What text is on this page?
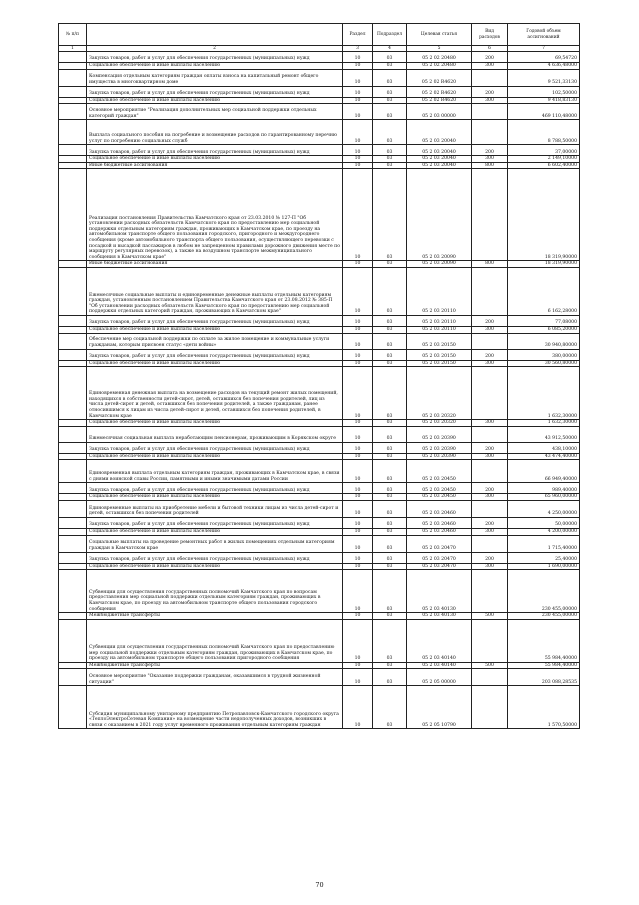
№ п/п		Раздел	Подраздел	Целевая статья	Вид расходов	Годовой объем ассигнований
1	2	3	4	5	6	7
	Закупка товаров, работ и услуг для обеспечения государственных (муниципальных) нужд	10	03	05 2 02 20480	200	69,54720
	Социальное обеспечение и иные выплаты населению	10	03	05 2 02 20480	300	4 636,48000
	Компенсация отдельным категориям граждан оплаты взноса на капитальный ремонт общего имущества в многоквартирном доме	10	03	05 2 02 R4620		9 521,33130
	Закупка товаров, работ и услуг для обеспечения государственных (муниципальных) нужд	10	03	05 2 02 R4620	200	102,50000
	Социальное обеспечение и иные выплаты населению	10	03	05 2 02 R4620	300	9 418,83130
	Основное мероприятие "Реализация дополнительных мер социальной поддержки отдельных категорий граждан"	10	03	05 2 03 00000		469 110,48000
	Выплата социального пособия на погребение и возмещение расходов по гарантированному перечню услуг по погребению социальных служб	10	03	05 2 03 20040		8 788,50000
	Закупка товаров, работ и услуг для обеспечения государственных (муниципальных) нужд	10	03	05 2 03 20040	200	37,00000
	Социальное обеспечение и иные выплаты населению	10	03	05 2 03 20040	300	2 149,10000
	Иные бюджетные ассигнования	10	03	05 2 03 20040	800	6 602,40000
	Реализация постановления Правительства Камчатского края от 23.03.2010 № 127-П "Об установлении расходных обязательств Камчатского края по предоставлению мер социальной поддержки отдельным категориям граждан, проживающих в Камчатском крае, по проезду на автомобильном транспорте общего пользования городского, пригородного и междугороднего сообщения (кроме автомобильного транспорта общего пользования, осуществляющего перевозки с посадкой и высадкой пассажиров в любом не запрещенном правилами дорожного движения месте по маршруту регулярных перевозок), а также на воздушном транспорте межмуниципального сообщения в Камчатском крае"	10	03	05 2 03 20090		18 319,90000
	Иные бюджетные ассигнования	10	03	05 2 03 20090	800	18 319,90000
	Ежемесячные социальные выплаты и единовременные денежные выплаты отдельным категориям граждан, установленным постановлением Правительства Камчатского края от 23.08.2012 № 385-П "Об установлении расходных обязательств Камчатского края по предоставлению мер социальной поддержки отдельных категорий граждан, проживающих в Камчатском крае"	10	03	05 2 03 20110		6 162,28000
	Закупка товаров, работ и услуг для обеспечения государственных (муниципальных) нужд	10	03	05 2 03 20110	200	77,08000
	Социальное обеспечение и иные выплаты населению	10	03	05 2 03 20110	300	6 085,20000
	Обеспечение мер социальной поддержки по оплате за жилое помещение и коммунальные услуги гражданам, которым присвоен статус «дети войны»	10	03	05 2 03 20150		30 940,80000
	Закупка товаров, работ и услуг для обеспечения государственных (муниципальных) нужд	10	03	05 2 03 20150	200	380,00000
	Социальное обеспечение и иные выплаты населению	10	03	05 2 03 20150	300	30 560,80000
	Единовременная денежная выплата на возмещение расходов на текущий ремонт жилых помещений, находящихся в собственности детей-сирот, детей, оставшихся без попечения родителей, лиц из числа детей-сирот и детей, оставшихся без попечения родителей, а также гражданам, ранее относившимся к лицам из числа детей-сирот и детей, оставшихся без попечения родителей, в Камчатском крае	10	03	05 2 03 20320		1 632,30000
	Социальное обеспечение и иные выплаты населению	10	03	05 2 03 20320	300	1 632,30000
	Ежемесячная социальная выплата неработающим пенсионерам, проживающим в Корякском округе	10	03	05 2 03 20390		43 912,50000
	Закупка товаров, работ и услуг для обеспечения государственных (муниципальных) нужд	10	03	05 2 03 20390	200	438,10000
	Социальное обеспечение и иные выплаты населению	10	03	05 2 03 20390	300	43 474,40000
	Единовременная выплата отдельным категориям граждан, проживающих в Камчатском крае, в связи с днями воинской славы России, памятными и иными значимыми датами России	10	03	05 2 03 20450		66 949,40000
	Закупка товаров, работ и услуг для обеспечения государственных (муниципальных) нужд	10	03	05 2 03 20450	200	989,40000
	Социальное обеспечение и иные выплаты населению	10	03	05 2 03 20450	300	65 960,00000
	Единовременные выплаты на приобретение мебели и бытовой техники лицам из числа детей-сирот и детей, оставшихся без попечения родителей	10	03	05 2 03 20460		4 250,00000
	Закупка товаров, работ и услуг для обеспечения государственных (муниципальных) нужд	10	03	05 2 03 20460	200	50,00000
	Социальное обеспечение и иные выплаты населению	10	03	05 2 03 20460	300	4 200,00000
	Социальные выплаты на проведение ремонтных работ в жилых помещениях отдельным категориям граждан в Камчатском крае	10	03	05 2 03 20470		1 715,40000
	Закупка товаров, работ и услуг для обеспечения государственных (муниципальных) нужд	10	03	05 2 03 20470	200	25,40000
	Социальное обеспечение и иные выплаты населению	10	03	05 2 03 20470	300	1 690,00000
	Субвенции для осуществления государственных полномочий Камчатского края по вопросам предоставления мер социальной поддержки отдельным категориям граждан, проживающих в Камчатском крае, по проезду на автомобильном транспорте общего пользования городского сообщения	10	03	05 2 03 40130		230 455,00000
	Межбюджетные трансферты	10	03	05 2 03 40130	500	230 455,00000
	Субвенции для осуществления государственных полномочий Камчатского края по предоставлению мер социальной поддержки отдельным категориям граждан, проживающих в Камчатском крае, по проезду на автомобильном транспорте общего пользования пригородного сообщения	10	03	05 2 03 40140		55 984,40000
	Межбюджетные трансферты	10	03	05 2 03 40140	500	55 984,40000
	Основное мероприятие "Оказание поддержки гражданам, оказавшимся в трудной жизненной ситуации"	10	03	05 2 05 00000		203 088,28535
	Субсидия муниципальному унитарному предприятию Петропавловск-Камчатского городского округа «ТеплоЭлектроСетевая Компания» на возмещение части недополученных доходов, возникших в связи с оказанием в 2021 году услуг временного проживания отдельным категориям граждан	10	03	05 2 05 10790		1 570,50000
70
